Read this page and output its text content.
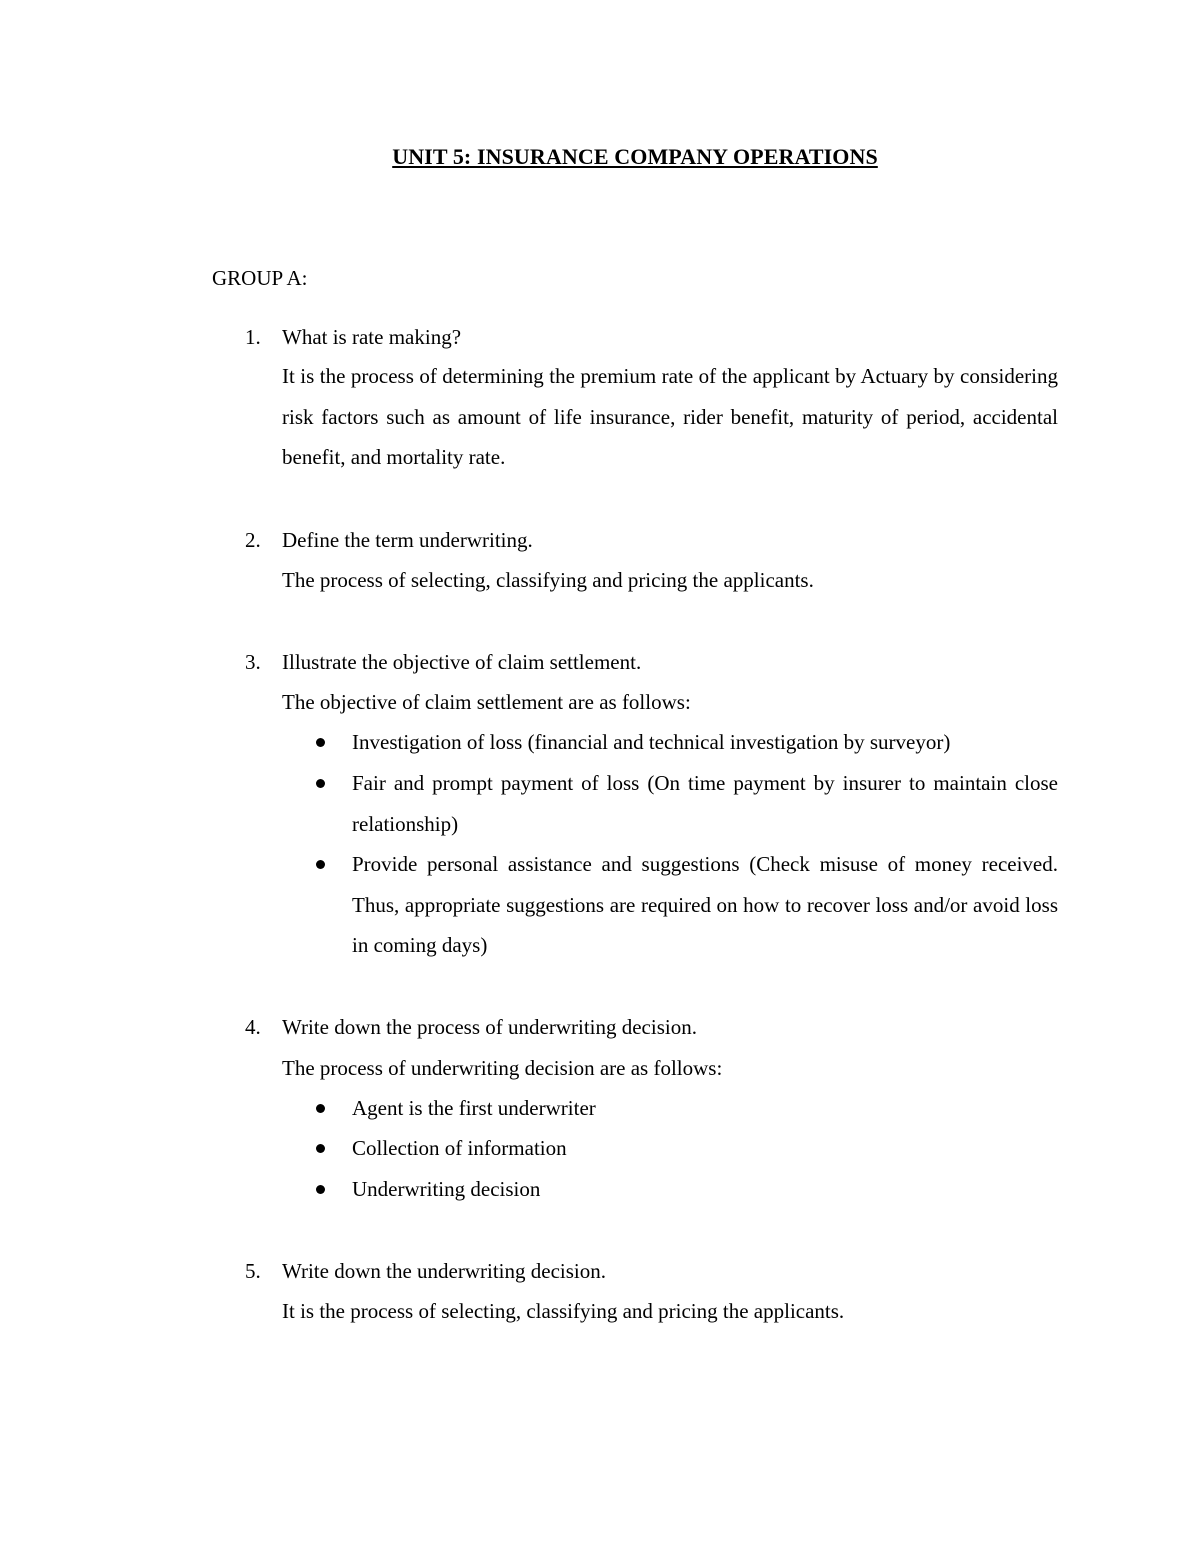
UNIT 5: INSURANCE COMPANY OPERATIONS
GROUP A:
1. What is rate making?
It is the process of determining the premium rate of the applicant by Actuary by considering risk factors such as amount of life insurance, rider benefit, maturity of period, accidental benefit, and mortality rate.
2. Define the term underwriting.
The process of selecting, classifying and pricing the applicants.
3. Illustrate the objective of claim settlement.
The objective of claim settlement are as follows:
Investigation of loss (financial and technical investigation by surveyor)
Fair and prompt payment of loss (On time payment by insurer to maintain close relationship)
Provide personal assistance and suggestions (Check misuse of money received. Thus, appropriate suggestions are required on how to recover loss and/or avoid loss in coming days)
4. Write down the process of underwriting decision.
The process of underwriting decision are as follows:
Agent is the first underwriter
Collection of information
Underwriting decision
5. Write down the underwriting decision.
It is the process of selecting, classifying and pricing the applicants.
